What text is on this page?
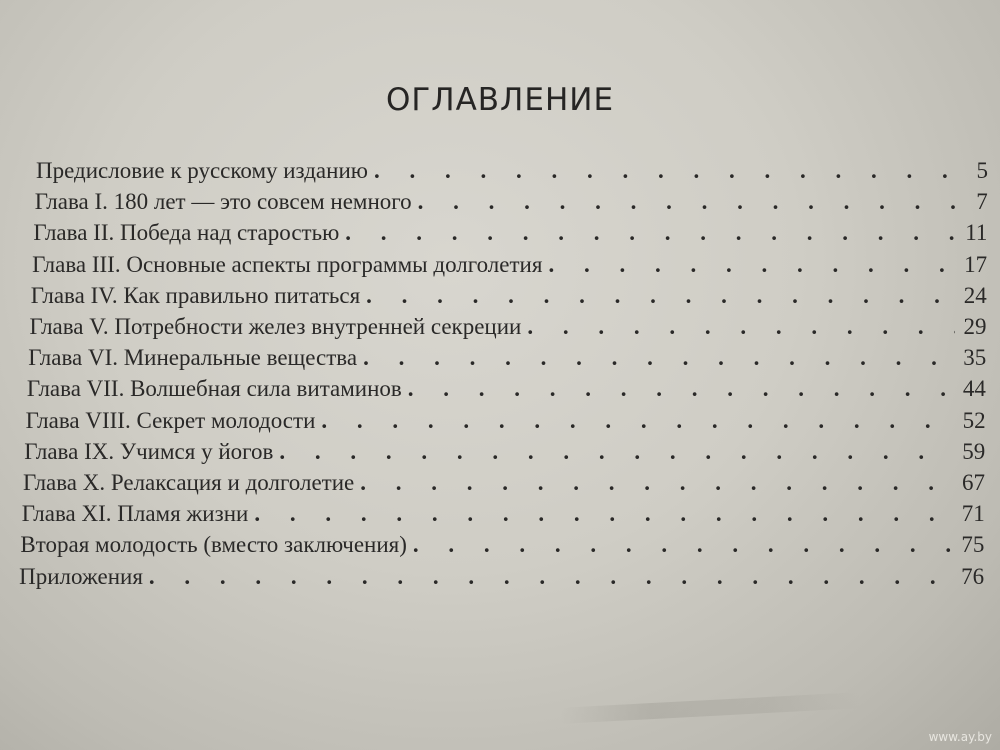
ОГЛАВЛЕНИЕ
Предисловие к русскому изданию . . .	5
Глава I. 180 лет — это совсем немного . . .	7
Глава II. Победа над старостью . . .	11
Глава III. Основные аспекты программы долголетия . . .	17
Глава IV. Как правильно питаться . . .	24
Глава V. Потребности желез внутренней секреции . . .	29
Глава VI. Минеральные вещества . . .	35
Глава VII. Волшебная сила витаминов . . .	44
Глава VIII. Секрет молодости . . .	52
Глава IX. Учимся у йогов . . .	59
Глава X. Релаксация и долголетие . . .	67
Глава XI. Пламя жизни . . .	71
Вторая молодость (вместо заключения) . . .	75
Приложения . . .	76
www.ay.by
